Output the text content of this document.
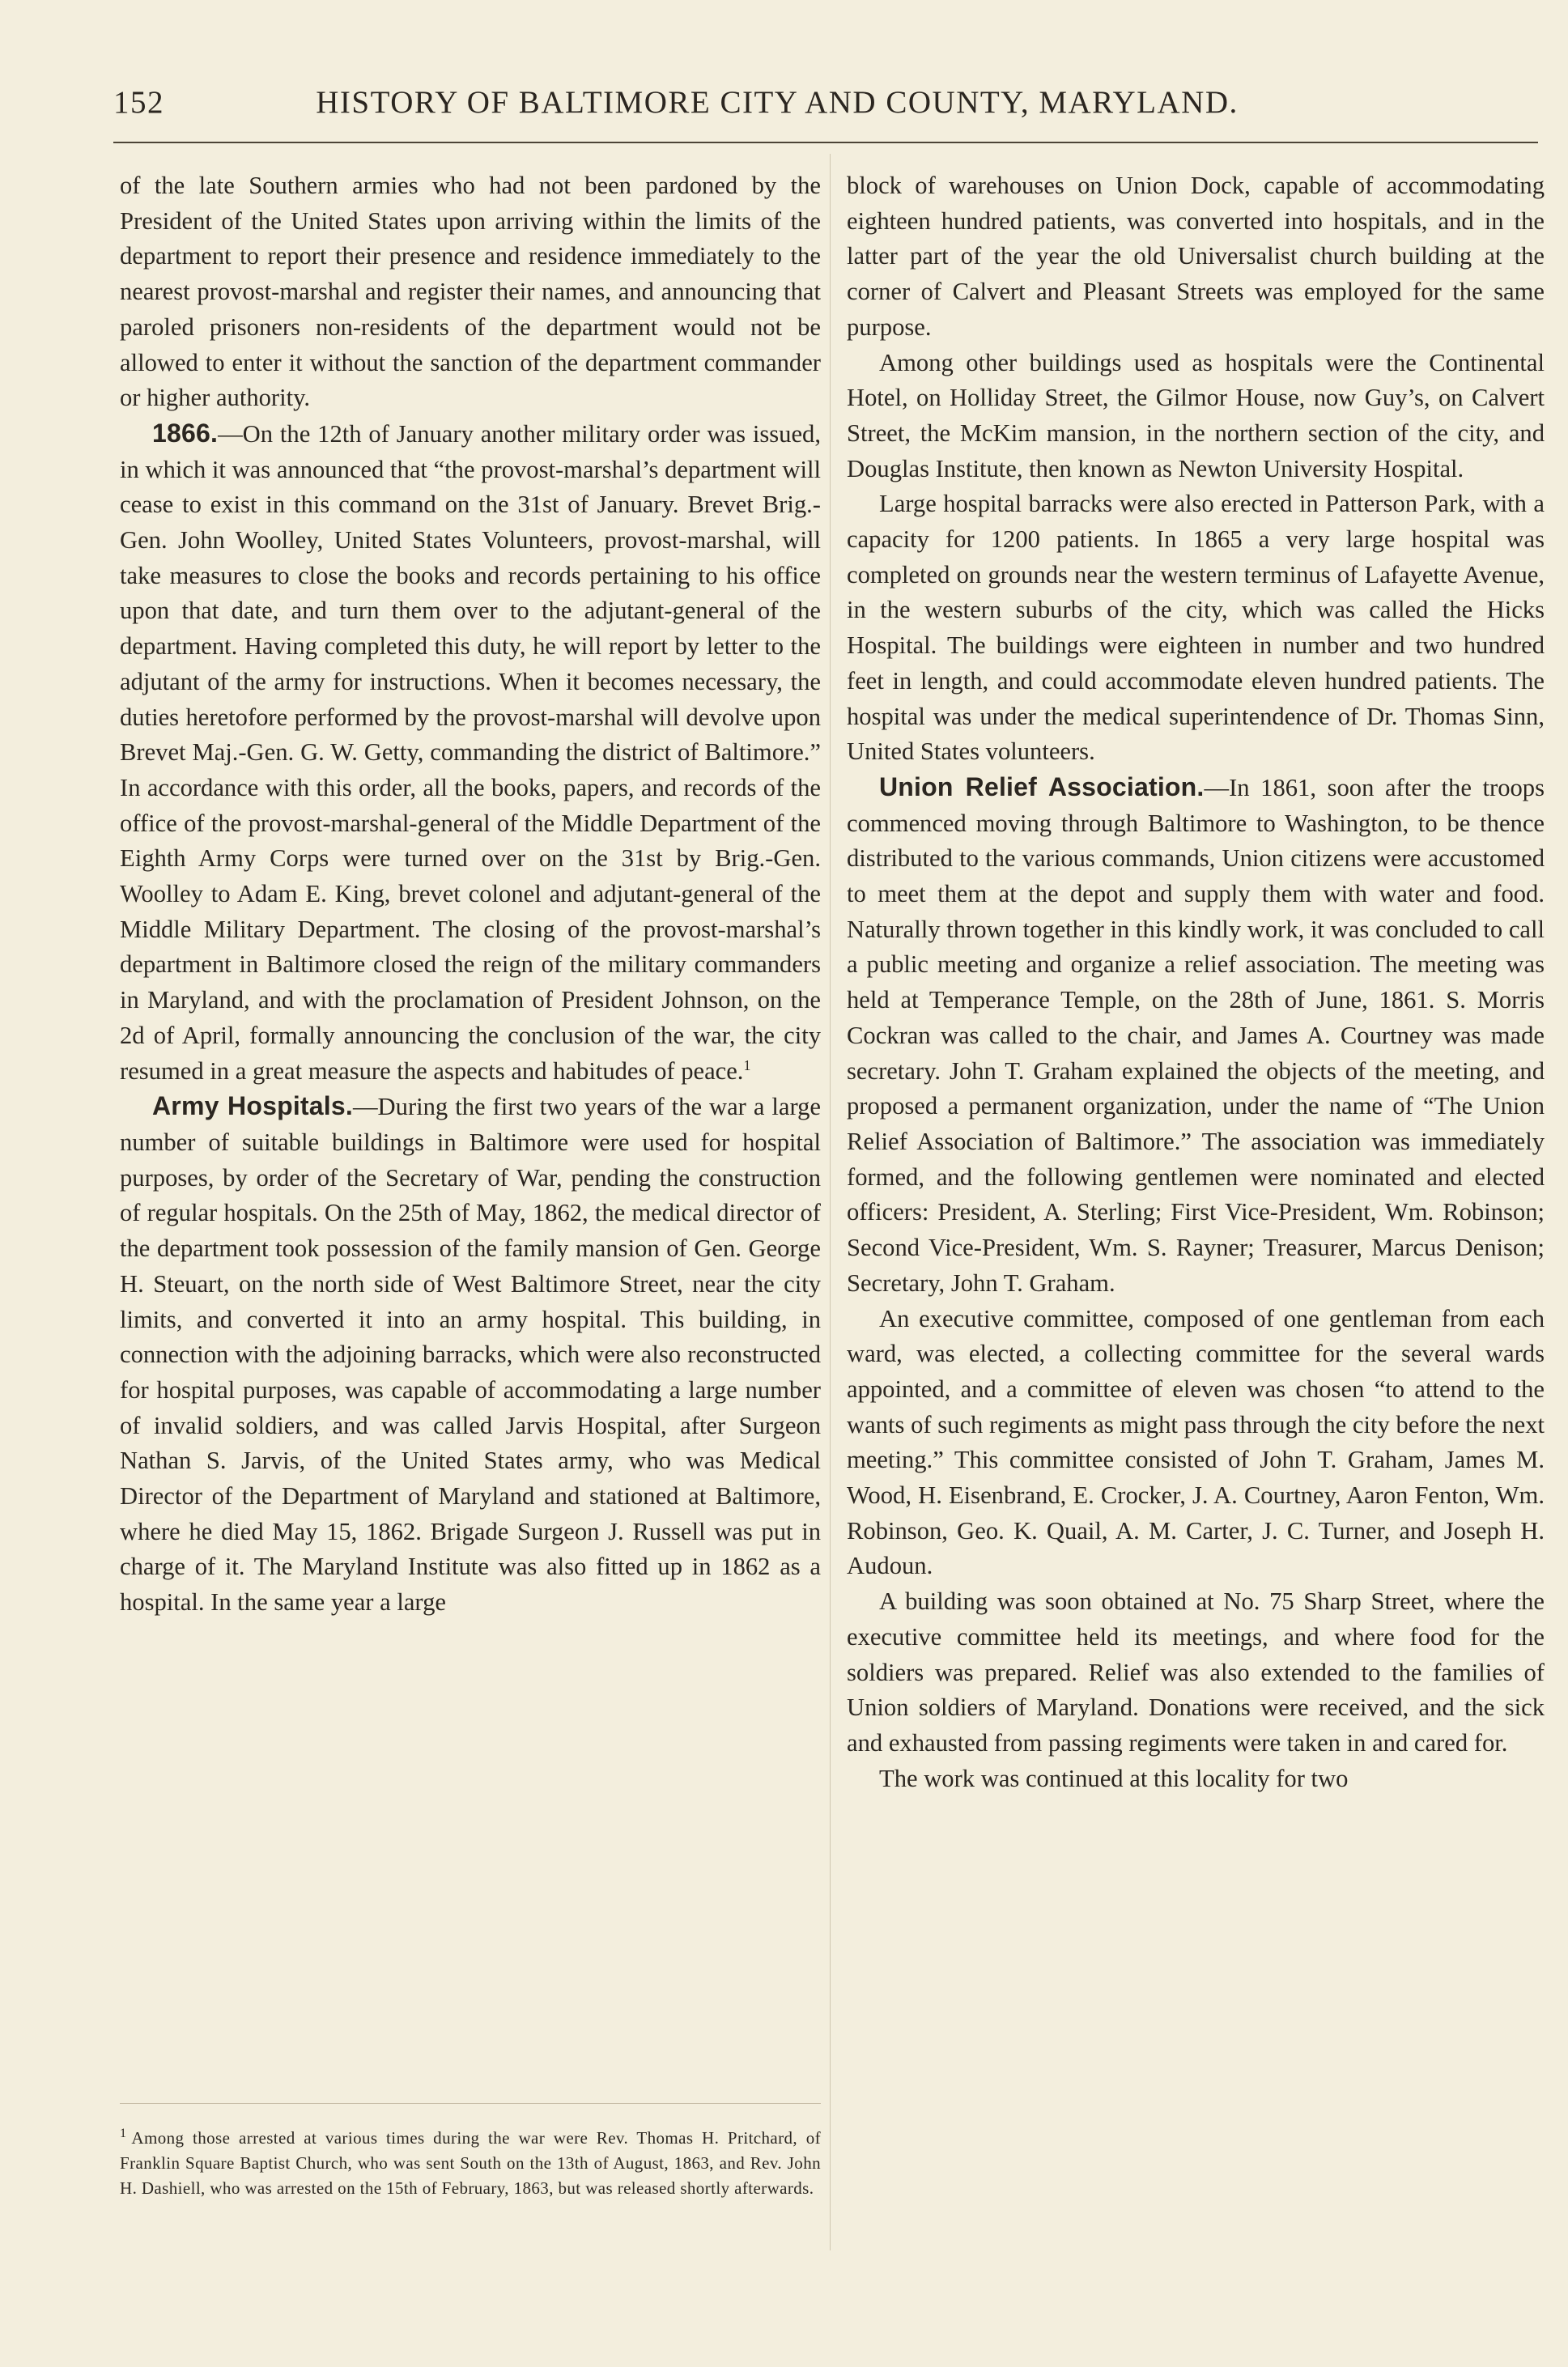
152	HISTORY OF BALTIMORE CITY AND COUNTY, MARYLAND.

of the late Southern armies who had not been pardoned by the President of the United States upon arriving within the limits of the department to report their presence and residence immediately to the nearest provost-marshal and register their names, and announcing that paroled prisoners non-residents of the department would not be allowed to enter it without the sanction of the department commander or higher authority.

1866.—On the 12th of January another military order was issued, in which it was announced that “the provost-marshal’s department will cease to exist in this command on the 31st of January. Brevet Brig.-Gen. John Woolley, United States Volunteers, provost-marshal, will take measures to close the books and records pertaining to his office upon that date, and turn them over to the adjutant-general of the department. Having completed this duty, he will report by letter to the adjutant of the army for instructions. When it becomes necessary, the duties heretofore performed by the provost-marshal will devolve upon Brevet Maj.-Gen. G. W. Getty, commanding the district of Baltimore.” In accordance with this order, all the books, papers, and records of the office of the provost-marshal-general of the Middle Department of the Eighth Army Corps were turned over on the 31st by Brig.-Gen. Woolley to Adam E. King, brevet colonel and adjutant-general of the Middle Military Department. The closing of the provost-marshal’s department in Baltimore closed the reign of the military commanders in Maryland, and with the proclamation of President Johnson, on the 2d of April, formally announcing the conclusion of the war, the city resumed in a great measure the aspects and habitudes of peace.$^1$

Army Hospitals.—During the first two years of the war a large number of suitable buildings in Baltimore were used for hospital purposes, by order of the Secretary of War, pending the construction of regular hospitals. On the 25th of May, 1862, the medical director of the department took possession of the family mansion of Gen. George H. Steuart, on the north side of West Baltimore Street, near the city limits, and converted it into an army hospital. This building, in connection with the adjoining barracks, which were also reconstructed for hospital purposes, was capable of accommodating a large number of invalid soldiers, and was called Jarvis Hospital, after Surgeon Nathan S. Jarvis, of the United States army, who was Medical Director of the Department of Maryland and stationed at Baltimore, where he died May 15, 1862. Brigade Surgeon J. Russell was put in charge of it. The Maryland Institute was also fitted up in 1862 as a hospital. In the same year a large

$^1$ Among those arrested at various times during the war were Rev. Thomas H. Pritchard, of Franklin Square Baptist Church, who was sent South on the 13th of August, 1863, and Rev. John H. Dashiell, who was arrested on the 15th of February, 1863, but was released shortly afterwards.

block of warehouses on Union Dock, capable of accommodating eighteen hundred patients, was converted into hospitals, and in the latter part of the year the old Universalist church building at the corner of Calvert and Pleasant Streets was employed for the same purpose.

Among other buildings used as hospitals were the Continental Hotel, on Holliday Street, the Gilmor House, now Guy’s, on Calvert Street, the McKim mansion, in the northern section of the city, and Douglas Institute, then known as Newton University Hospital.

Large hospital barracks were also erected in Patterson Park, with a capacity for 1200 patients. In 1865 a very large hospital was completed on grounds near the western terminus of Lafayette Avenue, in the western suburbs of the city, which was called the Hicks Hospital. The buildings were eighteen in number and two hundred feet in length, and could accommodate eleven hundred patients. The hospital was under the medical superintendence of Dr. Thomas Sinn, United States volunteers.

Union Relief Association.—In 1861, soon after the troops commenced moving through Baltimore to Washington, to be thence distributed to the various commands, Union citizens were accustomed to meet them at the depot and supply them with water and food. Naturally thrown together in this kindly work, it was concluded to call a public meeting and organize a relief association. The meeting was held at Temperance Temple, on the 28th of June, 1861. S. Morris Cockran was called to the chair, and James A. Courtney was made secretary. John T. Graham explained the objects of the meeting, and proposed a permanent organization, under the name of “The Union Relief Association of Baltimore.” The association was immediately formed, and the following gentlemen were nominated and elected officers: President, A. Sterling; First Vice-President, Wm. Robinson; Second Vice-President, Wm. S. Rayner; Treasurer, Marcus Denison; Secretary, John T. Graham.

An executive committee, composed of one gentleman from each ward, was elected, a collecting committee for the several wards appointed, and a committee of eleven was chosen “to attend to the wants of such regiments as might pass through the city before the next meeting.” This committee consisted of John T. Graham, James M. Wood, H. Eisenbrand, E. Crocker, J. A. Courtney, Aaron Fenton, Wm. Robinson, Geo. K. Quail, A. M. Carter, J. C. Turner, and Joseph H. Audoun.

A building was soon obtained at No. 75 Sharp Street, where the executive committee held its meetings, and where food for the soldiers was prepared. Relief was also extended to the families of Union soldiers of Maryland. Donations were received, and the sick and exhausted from passing regiments were taken in and cared for.

The work was continued at this locality for two
